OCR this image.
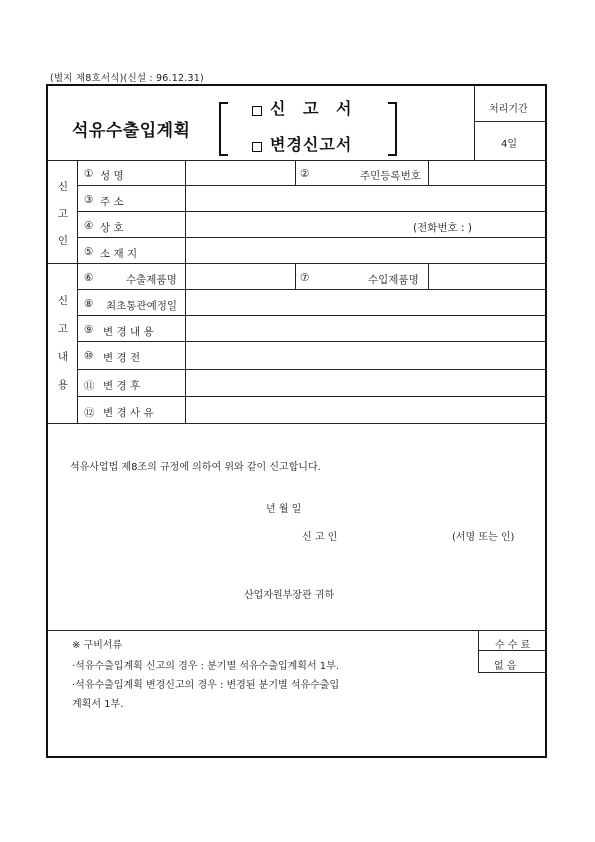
(별지 제8호서식)(신설 : 96.12.31)
석유수출입계획
신 고 서
변경신고서
처리기간
4일
신
고
인
① 성 명	②	주민등록번호
③ 주 소
④ 상 호	(전화번호 : )
⑤ 소 재 지
신
고
내
용
⑥	수출제품명	⑦	수입제품명
⑧ 최초통관예정일
⑨ 변 경 내 용
⑩ 변 경 전
⑪ 변 경 후
⑫ 변 경 사 유
석유사업법 제8조의 규정에 의하여 위와 같이 신고합니다.
년 월 일
신 고 인	(서명 또는 인)
산업자원부장관 귀하
※ 구비서류
·석유수출입계획 신고의 경우 : 분기별 석유수출입계획서 1부.
·석유수출입계획 변경신고의 경우 : 변경된 분기별 석유수출입
계획서 1부.
수 수 료
없 음
